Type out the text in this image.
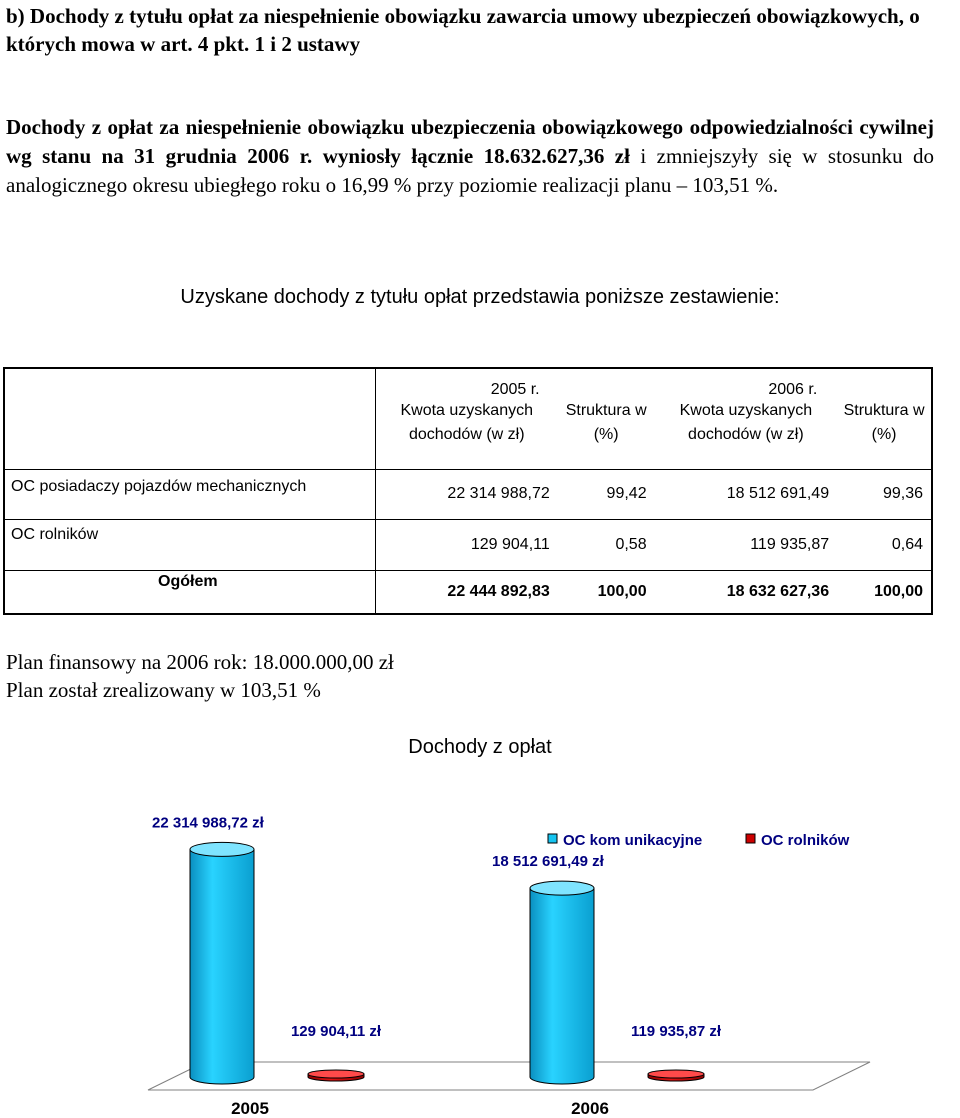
b) Dochody z tytułu opłat za niespełnienie obowiązku zawarcia umowy ubezpieczeń obowiązkowych, o których mowa w art. 4 pkt. 1 i 2 ustawy
Dochody z opłat za niespełnienie obowiązku ubezpieczenia obowiązkowego odpowiedzialności cywilnej wg stanu na 31 grudnia 2006 r. wyniosły łącznie 18.632.627,36 zł i zmniejszyły się w stosunku do analogicznego okresu ubiegłego roku o 16,99 % przy poziomie realizacji planu – 103,51 %.
Uzyskane dochody z tytułu opłat przedstawia poniższe zestawienie:
	2005 r.		2006 r.	
	Kwota uzyskanych dochodów (w zł)	Struktura w (%)	Kwota uzyskanych dochodów (w zł)	Struktura w (%)
OC posiadaczy pojazdów mechanicznych	22 314 988,72	99,42	18 512 691,49	99,36
OC rolników	129 904,11	0,58	119 935,87	0,64
Ogółem	22 444 892,83	100,00	18 632 627,36	100,00
Plan finansowy na 2006 rok: 18.000.000,00 zł
Plan został zrealizowany w 103,51 %
Dochody z opłat
22 314 988,72 zł
129 904,11 zł
2005
18 512 691,49 zł
119 935,87 zł
2006
OC kom unikacyjne	OC rolników
